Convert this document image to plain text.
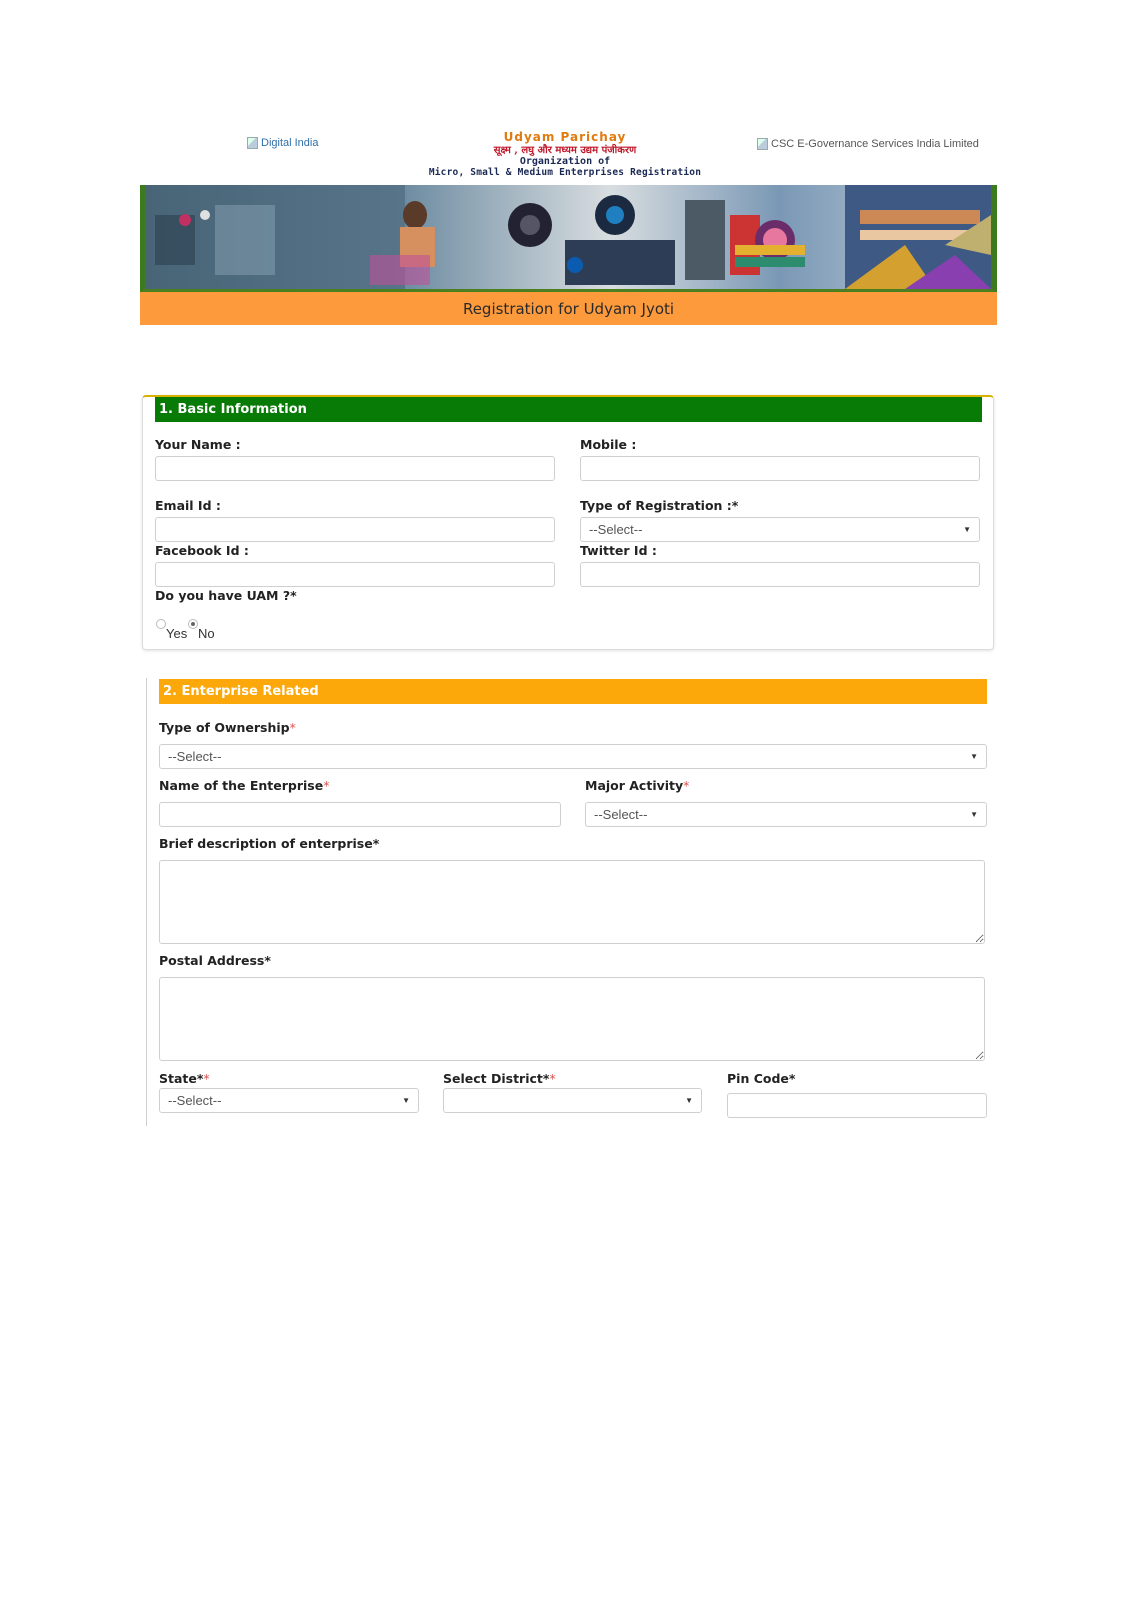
Digital India	Udyam Parichay
सूक्ष्म , लघु और मध्यम उद्यम पंजीकरण
Organization of
Micro, Small & Medium Enterprises Registration
CSC E-Governance Services India Limited
Registration for Udyam Jyoti
1. Basic Information
Your Name :	Mobile :
Email Id :	Type of Registration :*
--Select--	▼
Facebook Id :	Twitter Id :
Do you have UAM ?*
Yes No
2. Enterprise Related
Type of Ownership*
--Select--	▼
Name of the Enterprise*	Major Activity*
--Select--	▼
Brief description of enterprise*
Postal Address*
State**
--Select--	▼
Select District**
▼
Pin Code*
